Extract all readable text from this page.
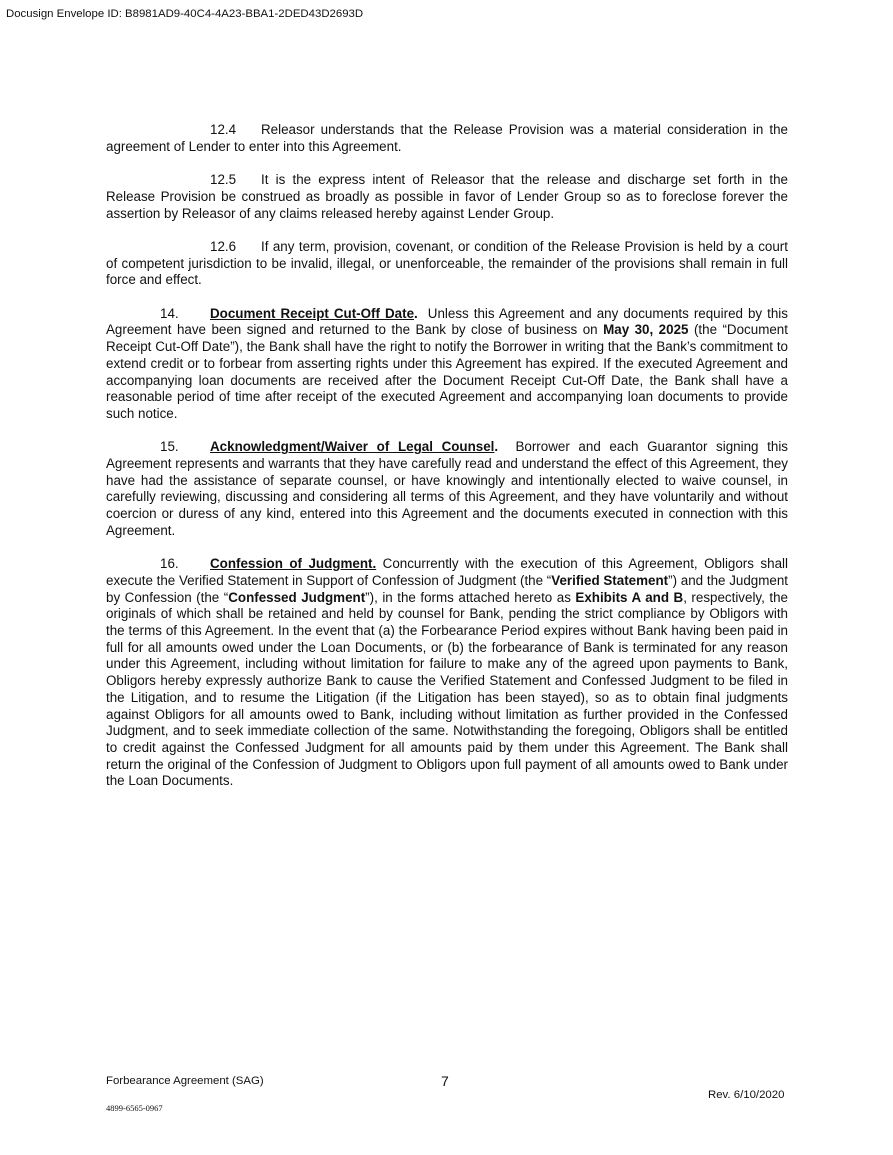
Docusign Envelope ID: B8981AD9-40C4-4A23-BBA1-2DED43D2693D

12.4 Releasor understands that the Release Provision was a material consideration in the agreement of Lender to enter into this Agreement.

12.5 It is the express intent of Releasor that the release and discharge set forth in the Release Provision be construed as broadly as possible in favor of Lender Group so as to foreclose forever the assertion by Releasor of any claims released hereby against Lender Group.

12.6 If any term, provision, covenant, or condition of the Release Provision is held by a court of competent jurisdiction to be invalid, illegal, or unenforceable, the remainder of the provisions shall remain in full force and effect.

14. Document Receipt Cut-Off Date. Unless this Agreement and any documents required by this Agreement have been signed and returned to the Bank by close of business on May 30, 2025 (the “Document Receipt Cut-Off Date”), the Bank shall have the right to notify the Borrower in writing that the Bank’s commitment to extend credit or to forbear from asserting rights under this Agreement has expired. If the executed Agreement and accompanying loan documents are received after the Document Receipt Cut-Off Date, the Bank shall have a reasonable period of time after receipt of the executed Agreement and accompanying loan documents to provide such notice.

15. Acknowledgment/Waiver of Legal Counsel. Borrower and each Guarantor signing this Agreement represents and warrants that they have carefully read and understand the effect of this Agreement, they have had the assistance of separate counsel, or have knowingly and intentionally elected to waive counsel, in carefully reviewing, discussing and considering all terms of this Agreement, and they have voluntarily and without coercion or duress of any kind, entered into this Agreement and the documents executed in connection with this Agreement.

16. Confession of Judgment. Concurrently with the execution of this Agreement, Obligors shall execute the Verified Statement in Support of Confession of Judgment (the “Verified Statement”) and the Judgment by Confession (the “Confessed Judgment”), in the forms attached hereto as Exhibits A and B, respectively, the originals of which shall be retained and held by counsel for Bank, pending the strict compliance by Obligors with the terms of this Agreement. In the event that (a) the Forbearance Period expires without Bank having been paid in full for all amounts owed under the Loan Documents, or (b) the forbearance of Bank is terminated for any reason under this Agreement, including without limitation for failure to make any of the agreed upon payments to Bank, Obligors hereby expressly authorize Bank to cause the Verified Statement and Confessed Judgment to be filed in the Litigation, and to resume the Litigation (if the Litigation has been stayed), so as to obtain final judgments against Obligors for all amounts owed to Bank, including without limitation as further provided in the Confessed Judgment, and to seek immediate collection of the same. Notwithstanding the foregoing, Obligors shall be entitled to credit against the Confessed Judgment for all amounts paid by them under this Agreement. The Bank shall return the original of the Confession of Judgment to Obligors upon full payment of all amounts owed to Bank under the Loan Documents.

Forbearance Agreement (SAG)	7
Rev. 6/10/2020
4899-6565-0967
